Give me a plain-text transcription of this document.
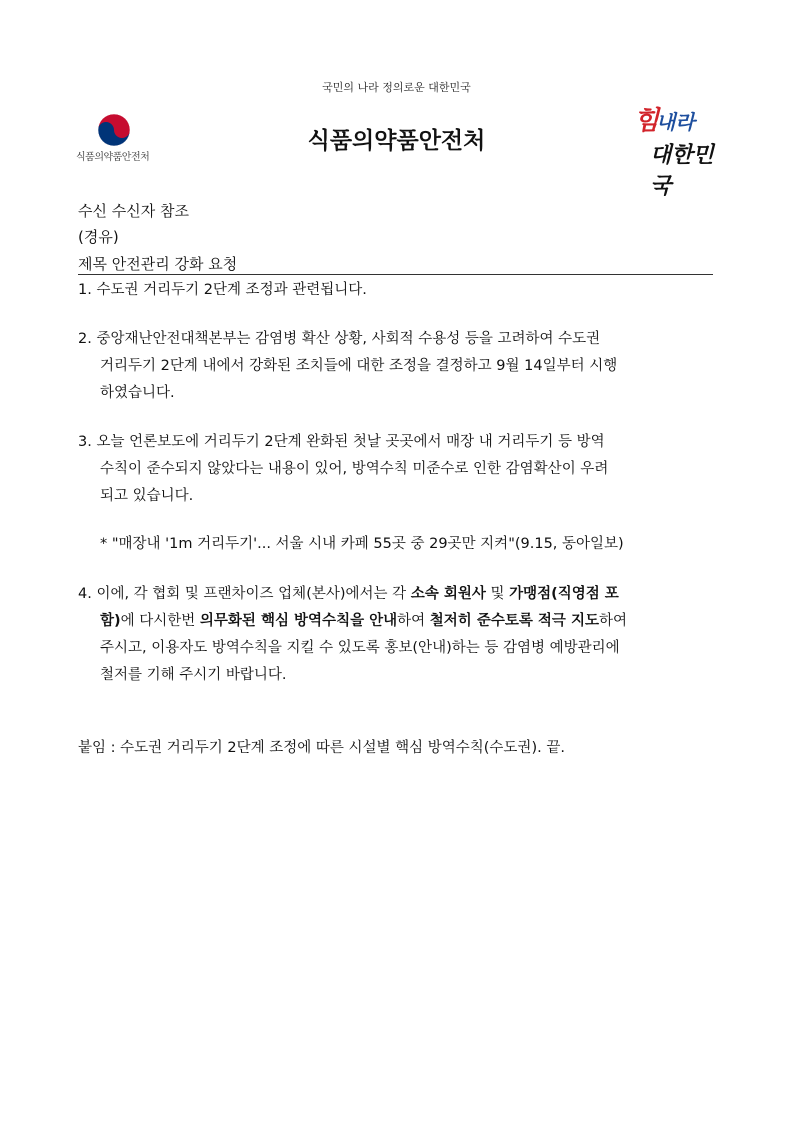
국민의 나라 정의로운 대한민국
식품의약품안전처
식품의약품안전처
힘
내라
대한민국
수신 수신자 참조
(경유)
제목 안전관리 강화 요청
1. 수도권 거리두기 2단계 조정과 관련됩니다.
2. 중앙재난안전대책본부는 감염병 확산 상황, 사회적 수용성 등을 고려하여 수도권
거리두기 2단계 내에서 강화된 조치들에 대한 조정을 결정하고 9월 14일부터 시행
하였습니다.
3. 오늘 언론보도에 거리두기 2단계 완화된 첫날 곳곳에서 매장 내 거리두기 등 방역
수칙이 준수되지 않았다는 내용이 있어, 방역수칙 미준수로 인한 감염확산이 우려
되고 있습니다.
* "매장내 '1m 거리두기'... 서울 시내 카페 55곳 중 29곳만 지켜"(9.15, 동아일보)
4. 이에, 각 협회 및 프랜차이즈 업체(본사)에서는 각 소속 회원사 및 가맹점(직영점 포
함)에 다시한번 의무화된 핵심 방역수칙을 안내하여 철저히 준수토록 적극 지도하여
주시고, 이용자도 방역수칙을 지킬 수 있도록 홍보(안내)하는 등 감염병 예방관리에
철저를 기해 주시기 바랍니다.
붙임 : 수도권 거리두기 2단계 조정에 따른 시설별 핵심 방역수칙(수도권). 끝.
